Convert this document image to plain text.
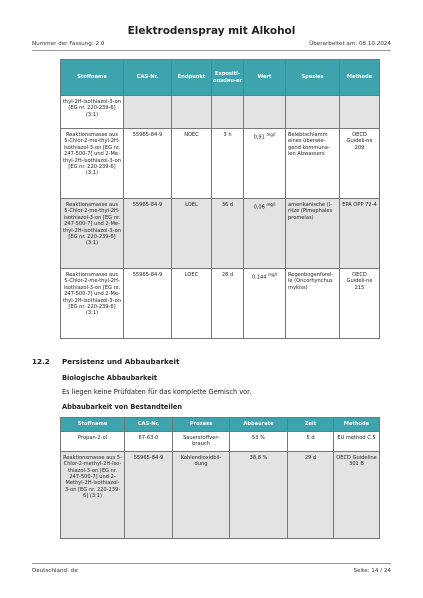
Elektrodenspray mit Alkohol
Nummer der Fassung: 2.0	Überarbeitet am: 08.10.2024
Stoffname	CAS-Nr.	Endpunkt	Expositi-onsdau-er	Wert	Spezies	Methode
thyl-2H-isothiazol-3-on [EG nr. 220-239-6] (3:1)						
Reaktionsmasse aus 5-Chlor-2-me-thyl-2H-isothiazol-3-on [EG nr. 247-500-7] und 2-Me-thyl-2H-isothiazol-3-on [EG nr. 220-239-6] (3:1)	55965-84-9	NOEC	3 h	0,91 $^{mg/l}$	Belebtschlamm eines überwie-gend kommuna-len Abwassers	OECD Guideli-ne 209
Reaktionsmasse aus 5-Chlor-2-me-thyl-2H-isothiazol-3-on [EG nr. 247-500-7] und 2-Me-thyl-2H-isothiazol-3-on [EG nr. 220-239-6] (3:1)	55965-84-9	LOEL	36 d	0,06 $^{mg/l}$	amerikanische (I-ritze (Pimephales promelas)	EPA OPP 72-4
Reaktionsmasse aus 5-Chlor-2-me-thyl-2H-isothiazol-3-on [EG nr. 247-500-7] und 2-Me-thyl-2H-isothiazol-3-on [EG nr. 220-239-6] (3:1)	55965-84-9	LOEC	28 d	0,144 $^{mg/l}$	Regenbogenforel-le (Oncorhynchus mykiss)	OECD Guideli-ne 215
12.2 Persistenz und Abbaubarkeit
Biologische Abbaubarkeit
Es liegen keine Prüfdaten für das komplette Gemisch vor.
Abbaubarkeit von Bestandteilen
Stoffname	CAS-Nr.	Prozess	Abbaurate	Zeit	Methode
Propan-2-ol	67-63-0	Sauerstoffver-brauch	53 %	5 d	EU method C.5
Reaktionsmasse aus 5-Chlor-2-methyl-2H-Iso-thiazol-3-on [EG nr. 247-500-7] und 2-Methyl-2H-isothiazol-3-on [EG nr. 220-239-6] (3:1)	55965-84-9	Kohlendioxidbil-dung	38,8 %	29 d	OECD Guideline 301 B
Deutschland: de	Seite: 14 / 24
